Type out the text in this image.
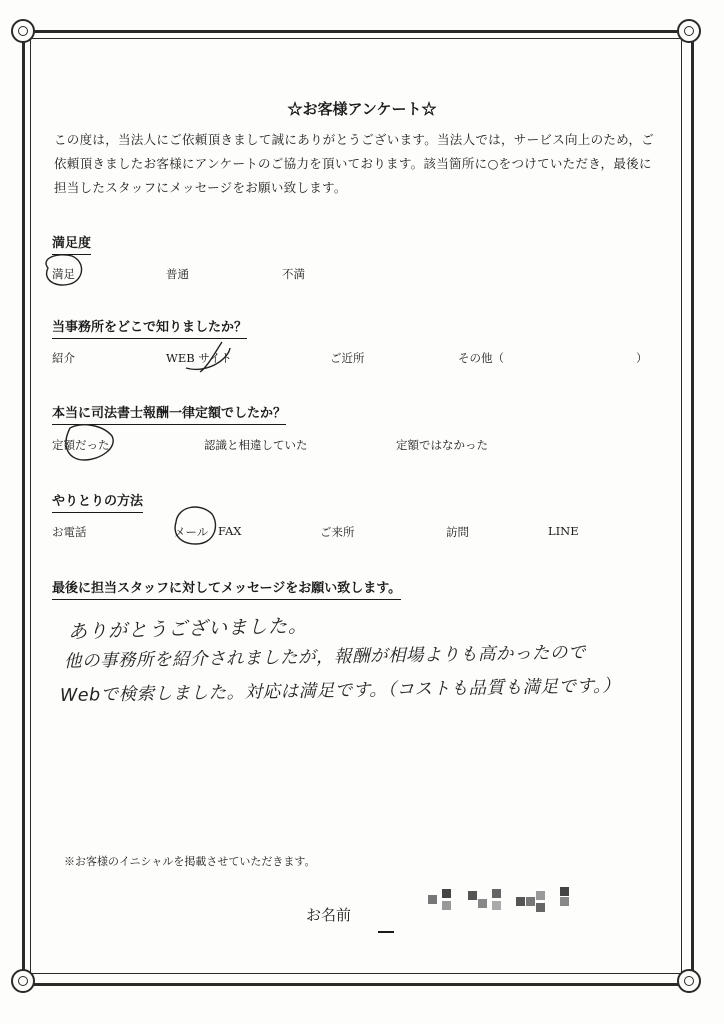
☆お客様アンケート☆
この度は，当法人にご依頼頂きまして誠にありがとうございます。当法人では，サービス向上のため，ご依頼頂きましたお客様にアンケートのご協力を頂いております。該当箇所に○をつけていただき，最後に担当したスタッフにメッセージをお願い致します。
満足度
満足	普通	不満
当事務所をどこで知りましたか？
紹介	WEB サイト	ご近所	その他（	）
本当に司法書士報酬一律定額でしたか？
定額だった	認識と相違していた	定額ではなかった
やりとりの方法
お電話	メール FAX	ご来所	訪問	LINE
最後に担当スタッフに対してメッセージをお願い致します。
ありがとうございました。
他の事務所を紹介されましたが，報酬が相場よりも高かったので
Webで検索しました。対応は満足です。（コストも品質も満足です。）
※お客様のイニシャルを掲載させていただきます。
お名前
